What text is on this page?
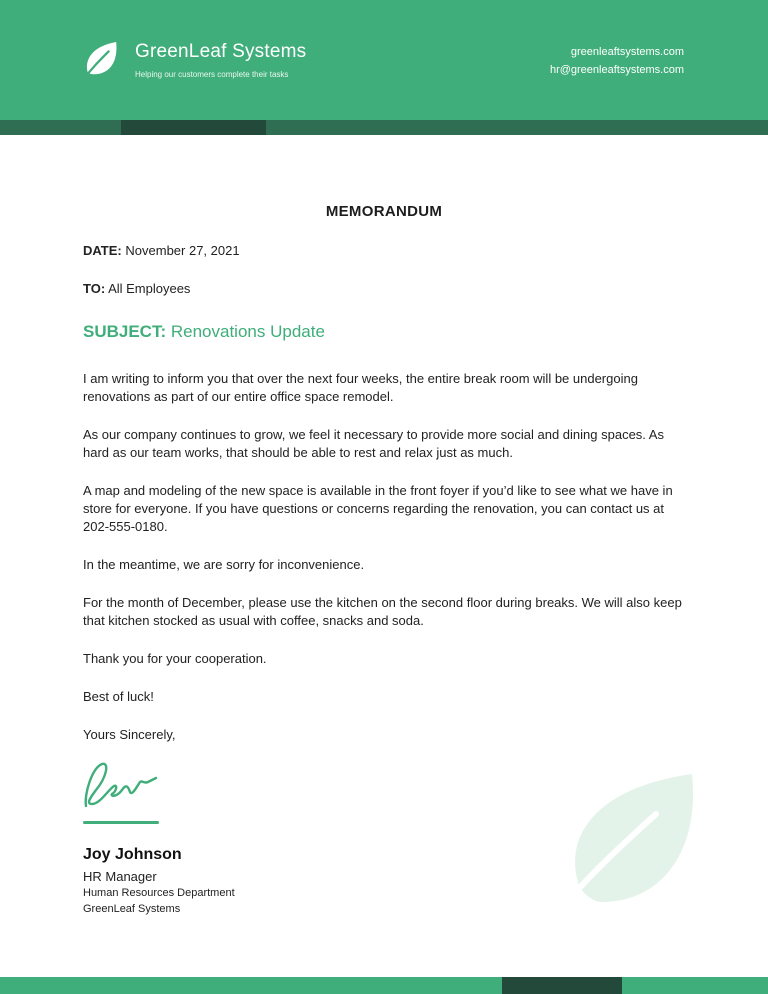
GreenLeaf Systems
Helping our customers complete their tasks
greenleaftsystems.com
hr@greenleaftsystems.com
MEMORANDUM
DATE: November 27, 2021
TO: All Employees
SUBJECT: Renovations Update

I am writing to inform you that over the next four weeks, the entire break room will be undergoing renovations as part of our entire office space remodel.

As our company continues to grow, we feel it necessary to provide more social and dining spaces. As hard as our team works, that should be able to rest and relax just as much.

A map and modeling of the new space is available in the front foyer if you’d like to see what we have in store for everyone. If you have questions or concerns regarding the renovation, you can contact us at 202-555-0180.

In the meantime, we are sorry for inconvenience.

For the month of December, please use the kitchen on the second floor during breaks. We will also keep that kitchen stocked as usual with coffee, snacks and soda.

Thank you for your cooperation.

Best of luck!

Yours Sincerely,

Joy Johnson
HR Manager
Human Resources Department
GreenLeaf Systems
